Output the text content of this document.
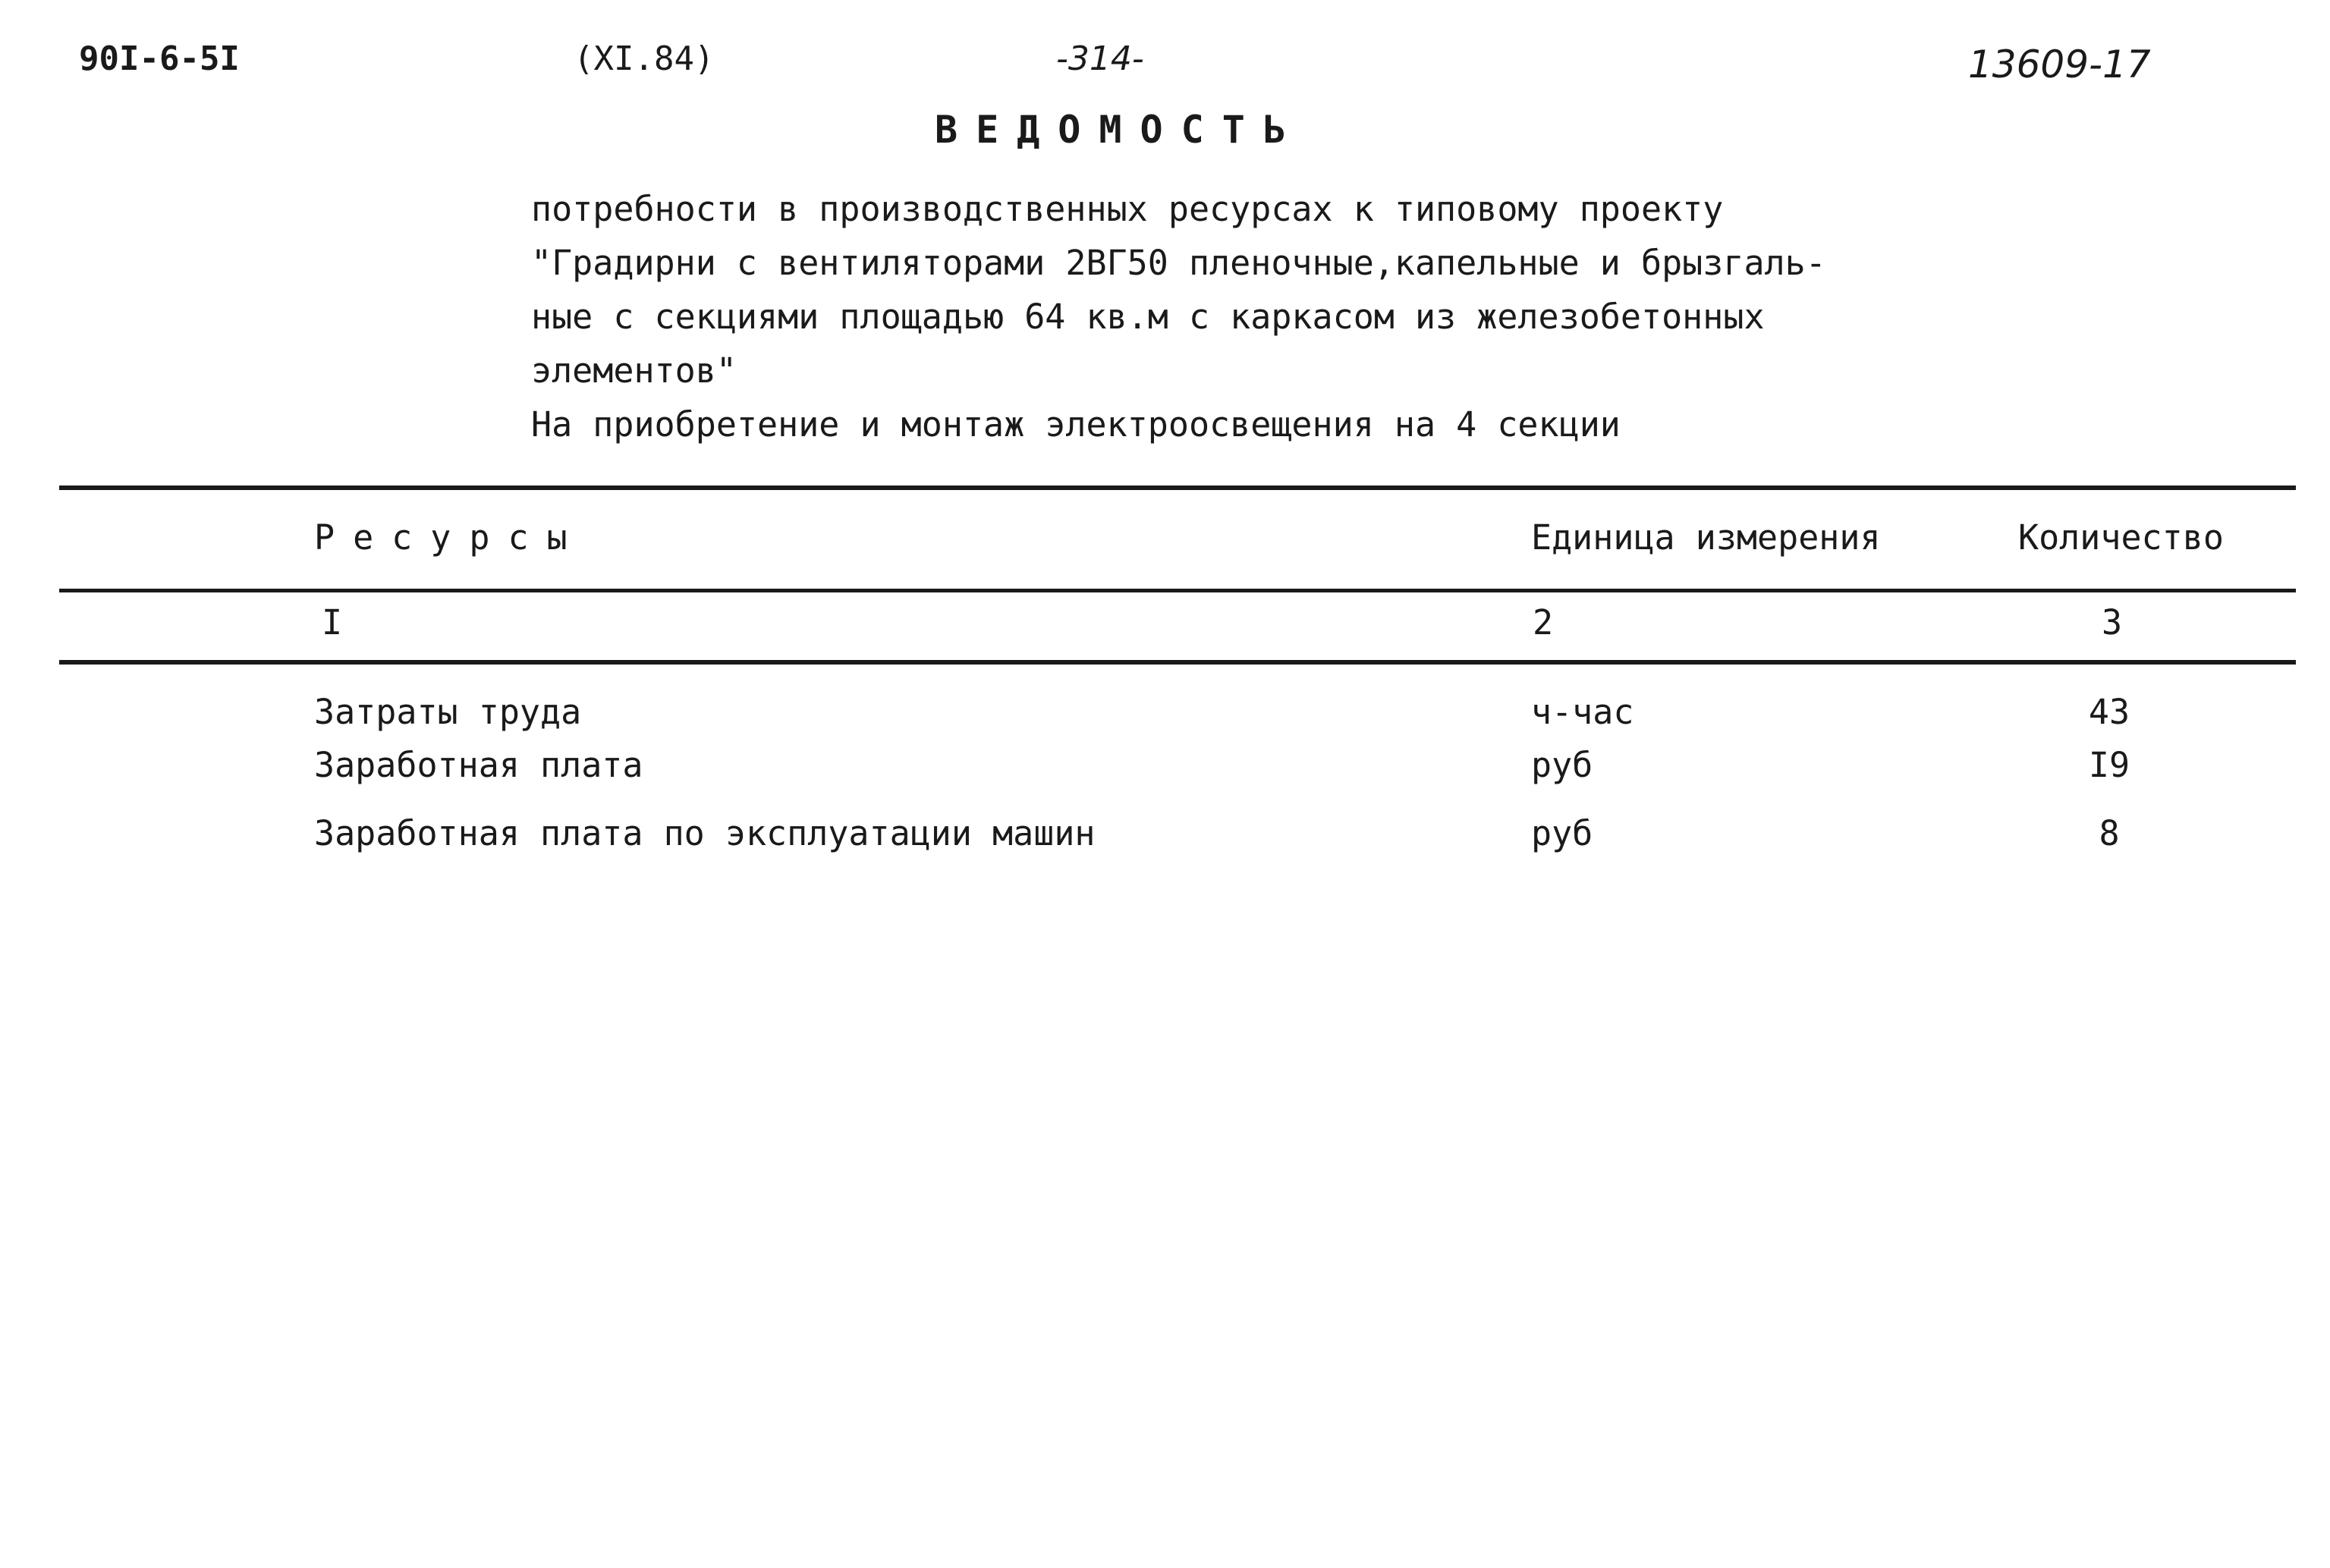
90I-6-5I	(XI.84)	-314-	13609-17
ВЕДОМОСТЬ
потребности в производственных ресурсах к типовому проекту
"Градирни с вентиляторами 2ВГ50 пленочные,капельные и брызгаль-
ные с секциями площадью 64 кв.м с каркасом из железобетонных
элементов"
На приобретение и монтаж электроосвещения на 4 секции
Ресурсы	Единица измерения	Количество
I	2	3
Затраты труда	ч-час	43
Заработная плата	руб	I9
Заработная плата по эксплуатации машин	руб	8
